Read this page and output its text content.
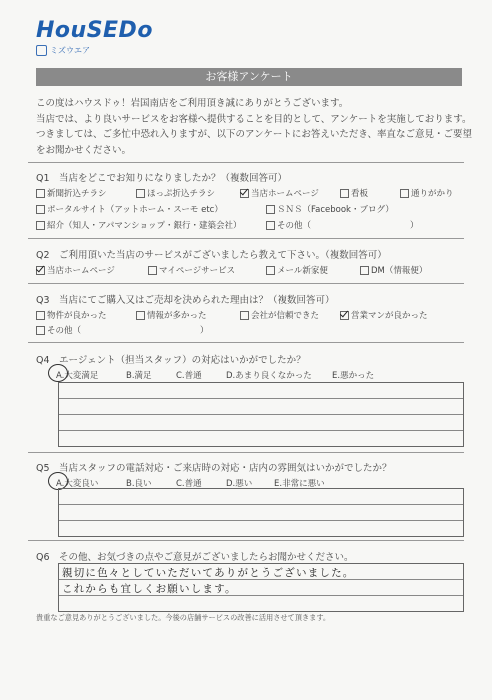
HouSEDo
ミズウエア
お客様アンケート
この度はハウスドゥ！岩国南店をご利用頂き誠にありがとうございます。
当店では、より良いサービスをお客様へ提供することを目的として、アンケートを実施しております。
つきましては、ご多忙中恐れ入りますが、以下のアンケートにお答えいただき、率直なご意見・ご要望
をお聞かせください。
Q1　当店をどこでお知りになりましたか？（複数回答可）
新聞折込チラシ	ほっぷ折込チラシ	当店ホームページ	看板	通りがかり
ポータルサイト（アットホーム・スーモ etc）	ＳＮＳ（Facebook・ブログ）
紹介（知人・アパマンショップ・銀行・建築会社）	その他（	）
Q2　ご利用頂いた当店のサービスがございましたら教えて下さい。（複数回答可）
当店ホームページ	マイページサービス	メール新家便	DM（情報便）
Q3　当店にてご購入又はご売却を決められた理由は？（複数回答可）
物件が良かった	情報が多かった	会社が信頼できた	営業マンが良かった
その他（	）
Q4　エージェント（担当スタッフ）の対応はいかがでしたか？
A.大変満足	B.満足	C.普通	D.あまり良くなかった E.悪かった
Q5　当店スタッフの電話対応・ご来店時の対応・店内の雰囲気はいかがでしたか？
A.大変良い	B.良い	C.普通	D.悪い	E.非常に悪い
Q6　その他、お気づきの点やご意見がございましたらお聞かせください。
親切に色々としていただいてありがとうございました。
これからも宜しくお願いします。
貴重なご意見ありがとうございました。今後の店舗サービスの改善に活用させて頂きます。
